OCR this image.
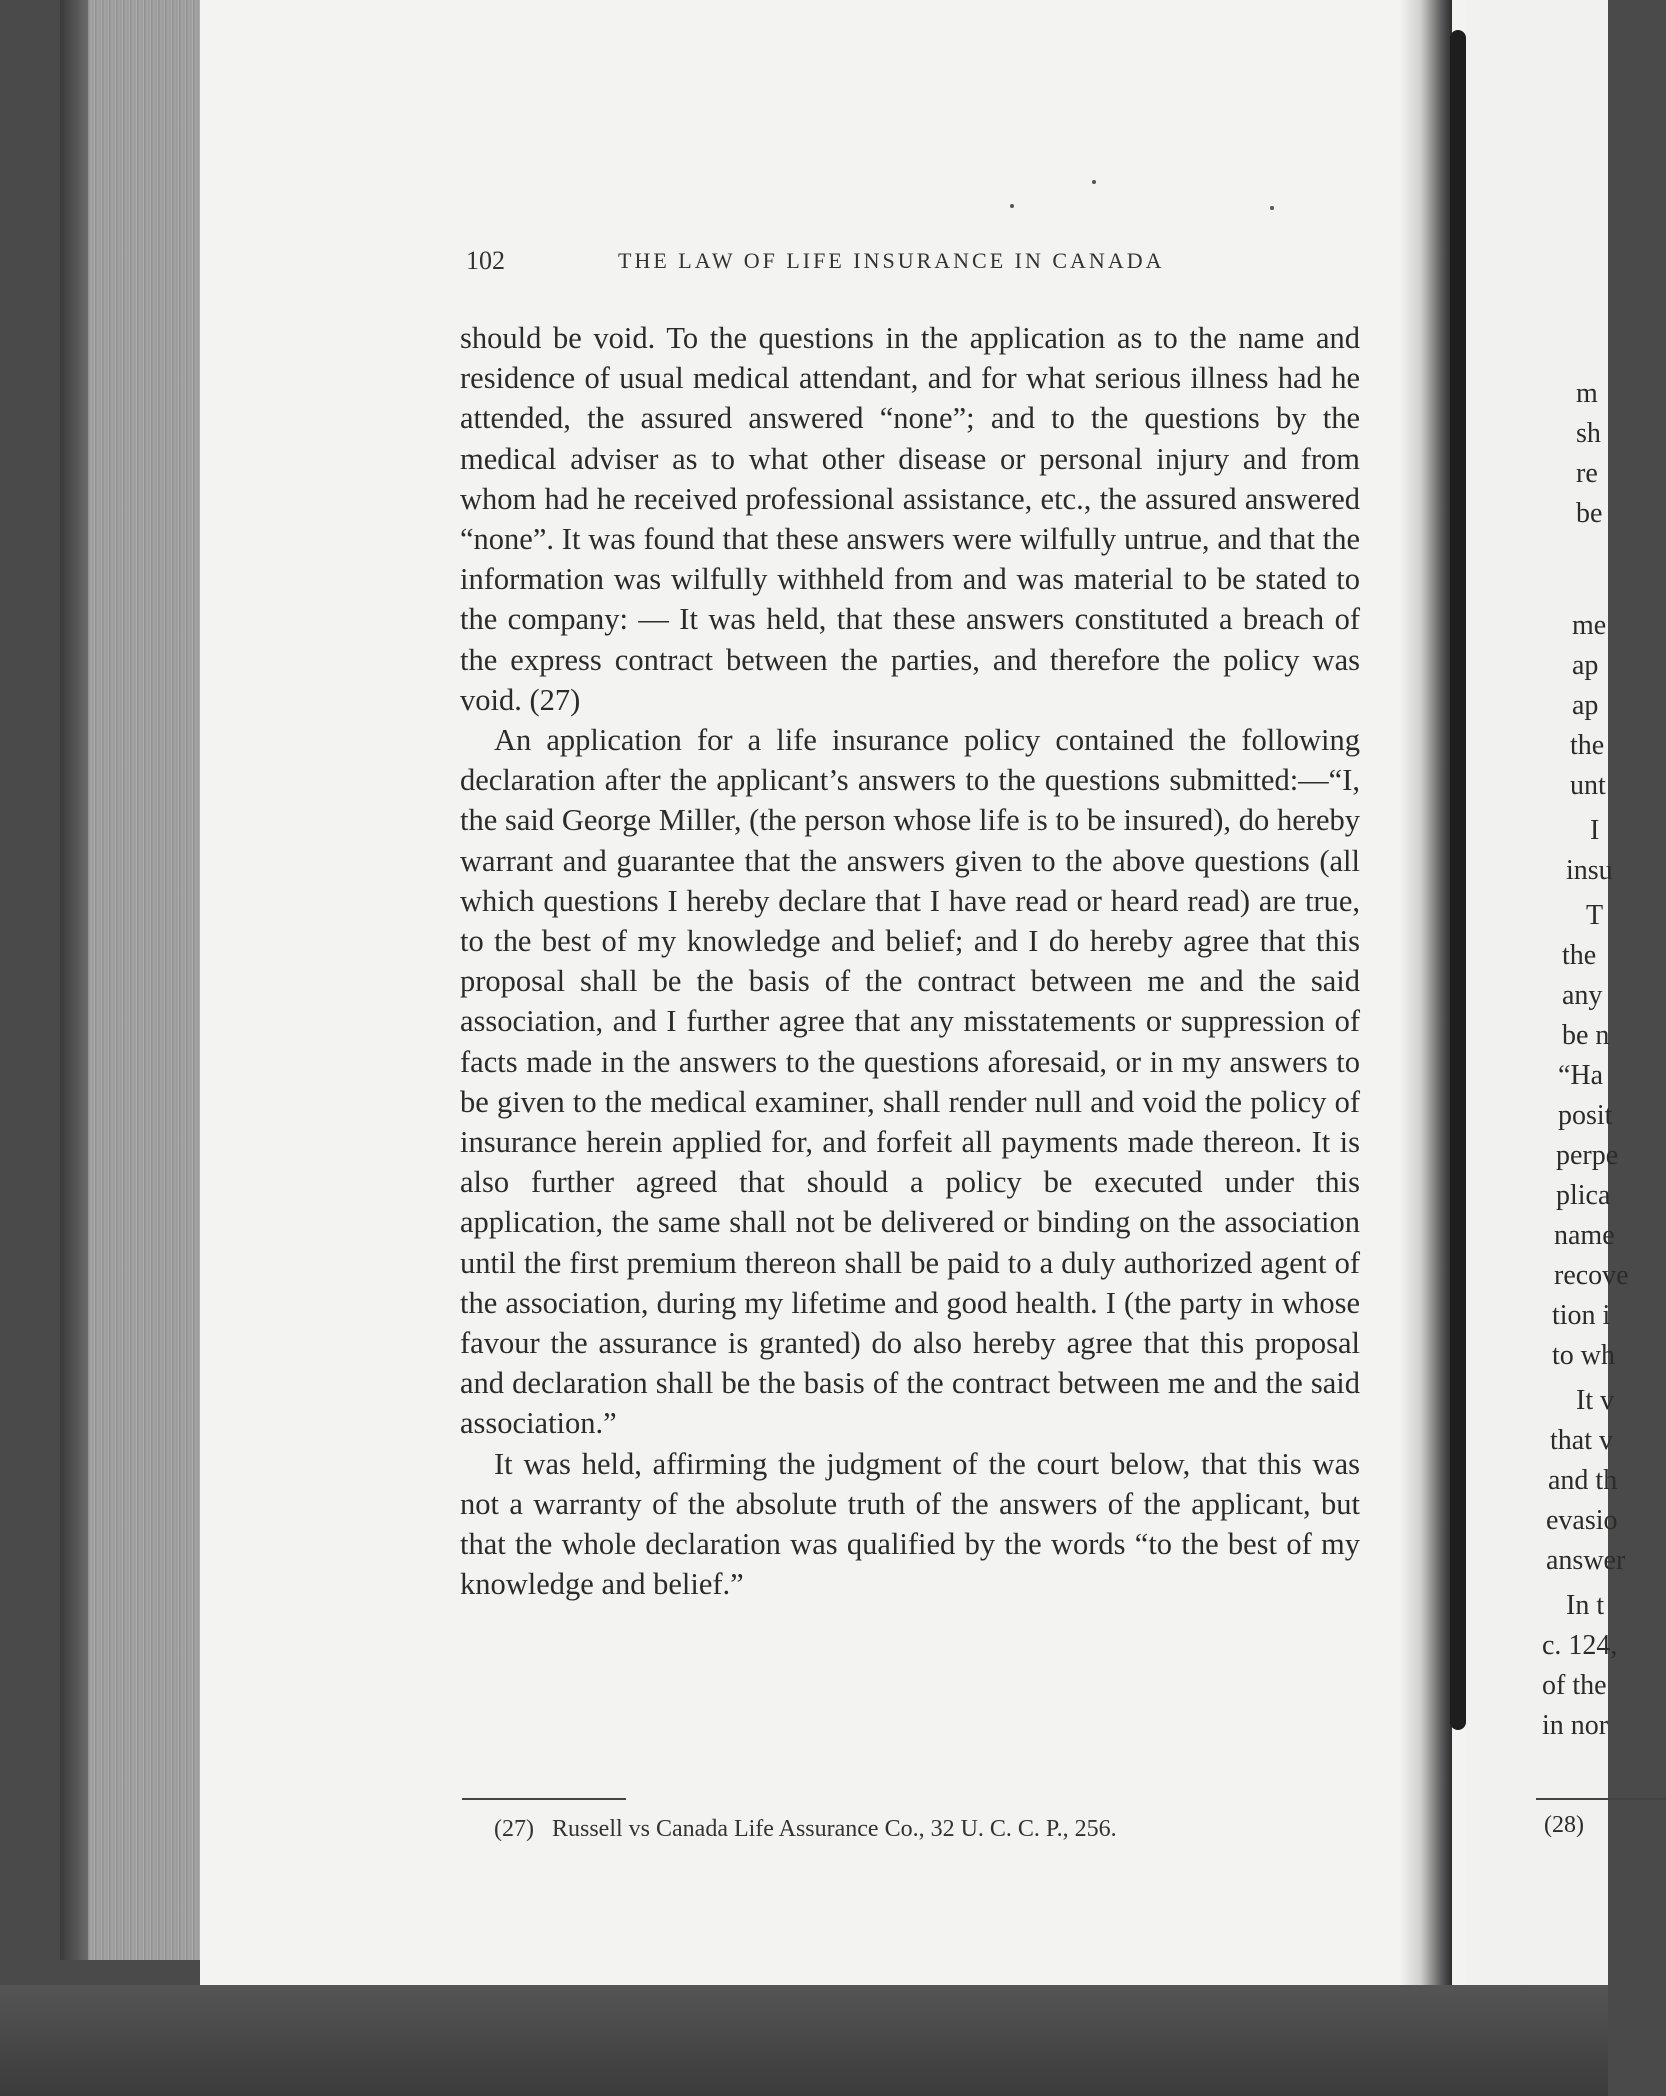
m
sh
re
be
me
ap
ap
the
unt
I
insu
T
the
any
be n
“Ha
posit
perpe
plica
name
recove
tion i
to wh
It v
that v
and th
evasio
answer
In t
c. 124,
of the
in nor
(28)
102	THE LAW OF LIFE INSURANCE IN CANADA

should be void. To the questions in the application as to the name and residence of usual medical attendant, and for what serious illness had he attended, the assured answered “none”; and to the questions by the medical adviser as to what other disease or personal injury and from whom had he received professional assistance, etc., the assured answered “none”. It was found that these answers were wilfully untrue, and that the information was wilfully withheld from and was material to be stated to the company: — It was held, that these answers constituted a breach of the express contract between the parties, and therefore the policy was void. (27)

An application for a life insurance policy contained the following declaration after the applicant’s answers to the questions submitted:—“I, the said George Miller, (the person whose life is to be insured), do hereby warrant and guarantee that the answers given to the above questions (all which questions I hereby declare that I have read or heard read) are true, to the best of my knowledge and belief; and I do hereby agree that this proposal shall be the basis of the contract between me and the said association, and I further agree that any misstatements or suppression of facts made in the answers to the questions aforesaid, or in my answers to be given to the medical examiner, shall render null and void the policy of insurance herein applied for, and forfeit all payments made thereon. It is also further agreed that should a policy be executed under this application, the same shall not be delivered or binding on the association until the first premium thereon shall be paid to a duly authorized agent of the association, during my lifetime and good health. I (the party in whose favour the assurance is granted) do also hereby agree that this proposal and declaration shall be the basis of the contract between me and the said association.”

It was held, affirming the judgment of the court below, that this was not a warranty of the absolute truth of the answers of the applicant, but that the whole declaration was qualified by the words “to the best of my knowledge and belief.”

(27) Russell vs Canada Life Assurance Co., 32 U. C. C. P., 256.
